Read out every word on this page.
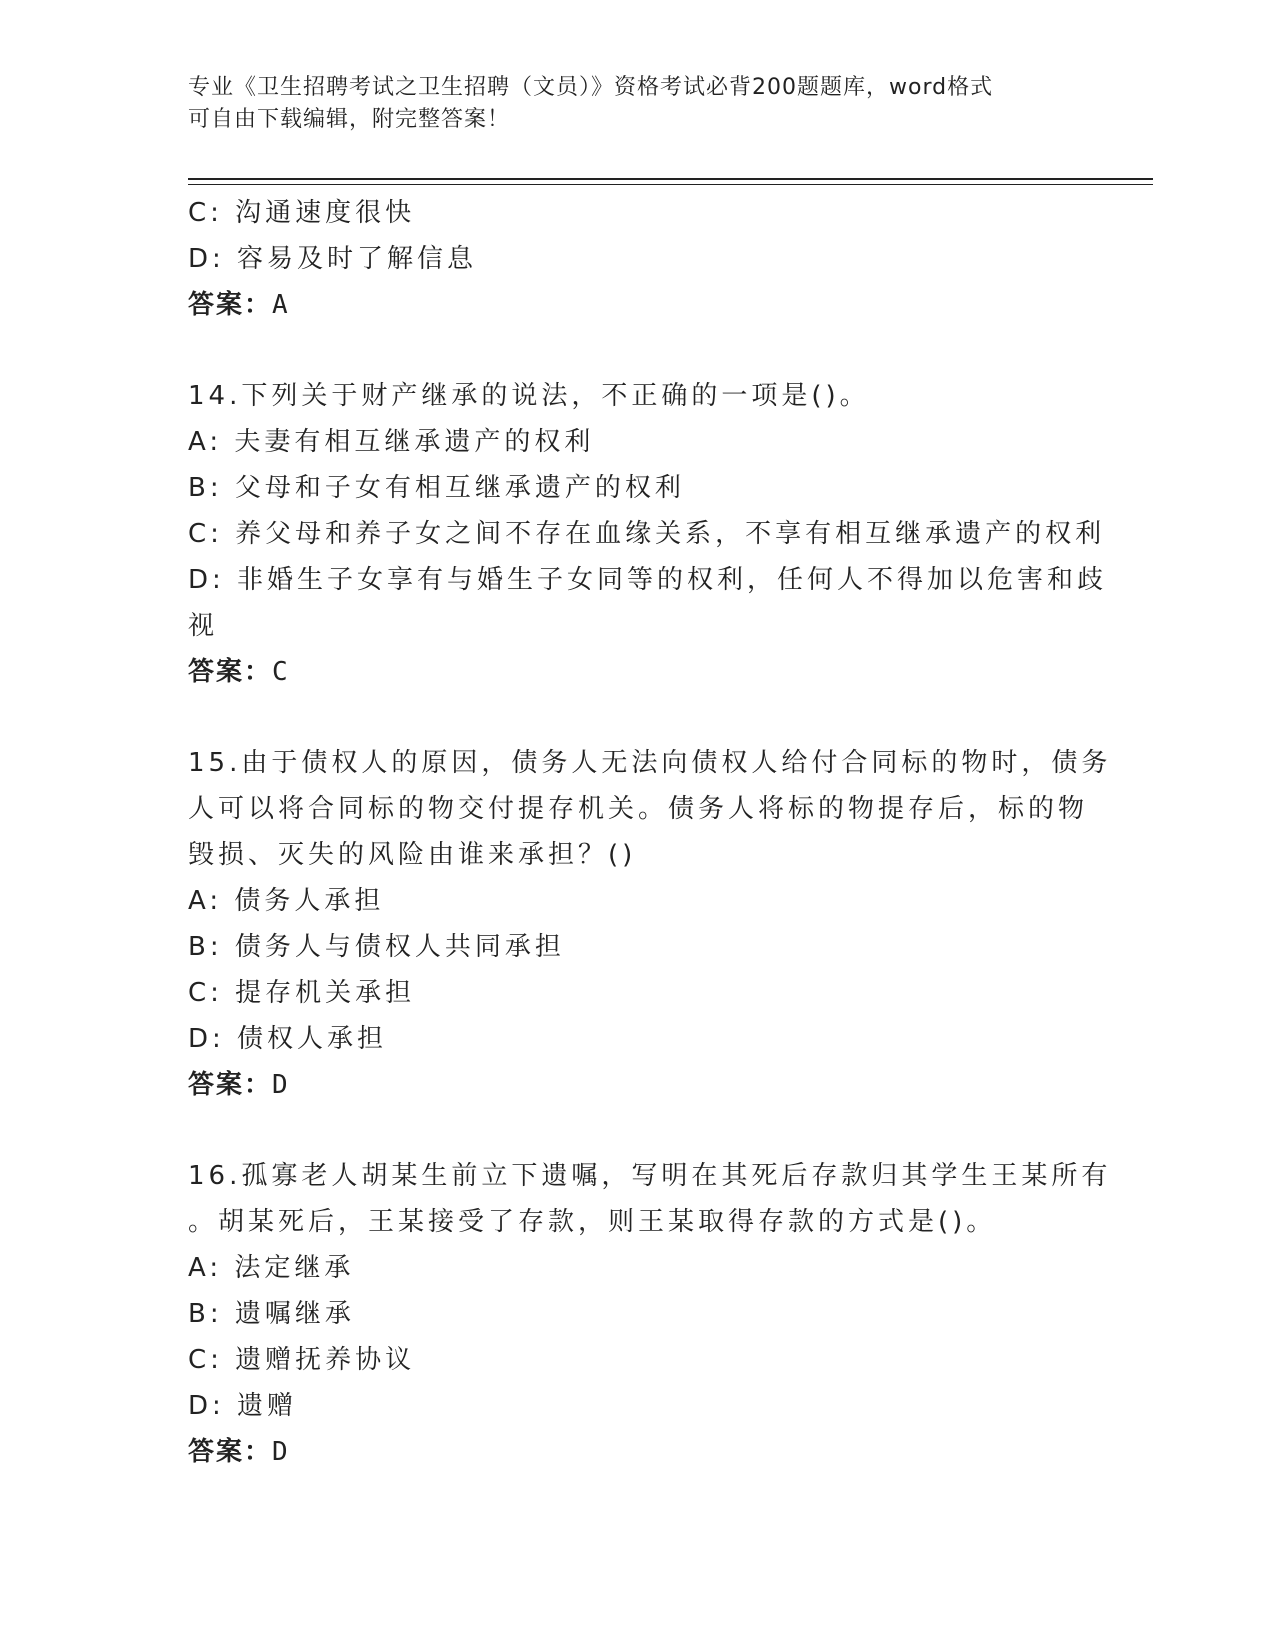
专业《卫生招聘考试之卫生招聘（文员）》资格考试必背200题题库，word格式
可自由下载编辑，附完整答案！
C: 沟通速度很快
D: 容易及时了解信息
答案：A
14.下列关于财产继承的说法，不正确的一项是()。
A: 夫妻有相互继承遗产的权利
B: 父母和子女有相互继承遗产的权利
C: 养父母和养子女之间不存在血缘关系，不享有相互继承遗产的权利
D: 非婚生子女享有与婚生子女同等的权利，任何人不得加以危害和歧
视
答案：C
15.由于债权人的原因，债务人无法向债权人给付合同标的物时，债务
人可以将合同标的物交付提存机关。债务人将标的物提存后，标的物
毁损、灭失的风险由谁来承担？()
A: 债务人承担
B: 债务人与债权人共同承担
C: 提存机关承担
D: 债权人承担
答案：D
16.孤寡老人胡某生前立下遗嘱，写明在其死后存款归其学生王某所有
。胡某死后，王某接受了存款，则王某取得存款的方式是()。
A: 法定继承
B: 遗嘱继承
C: 遗赠抚养协议
D: 遗赠
答案：D
